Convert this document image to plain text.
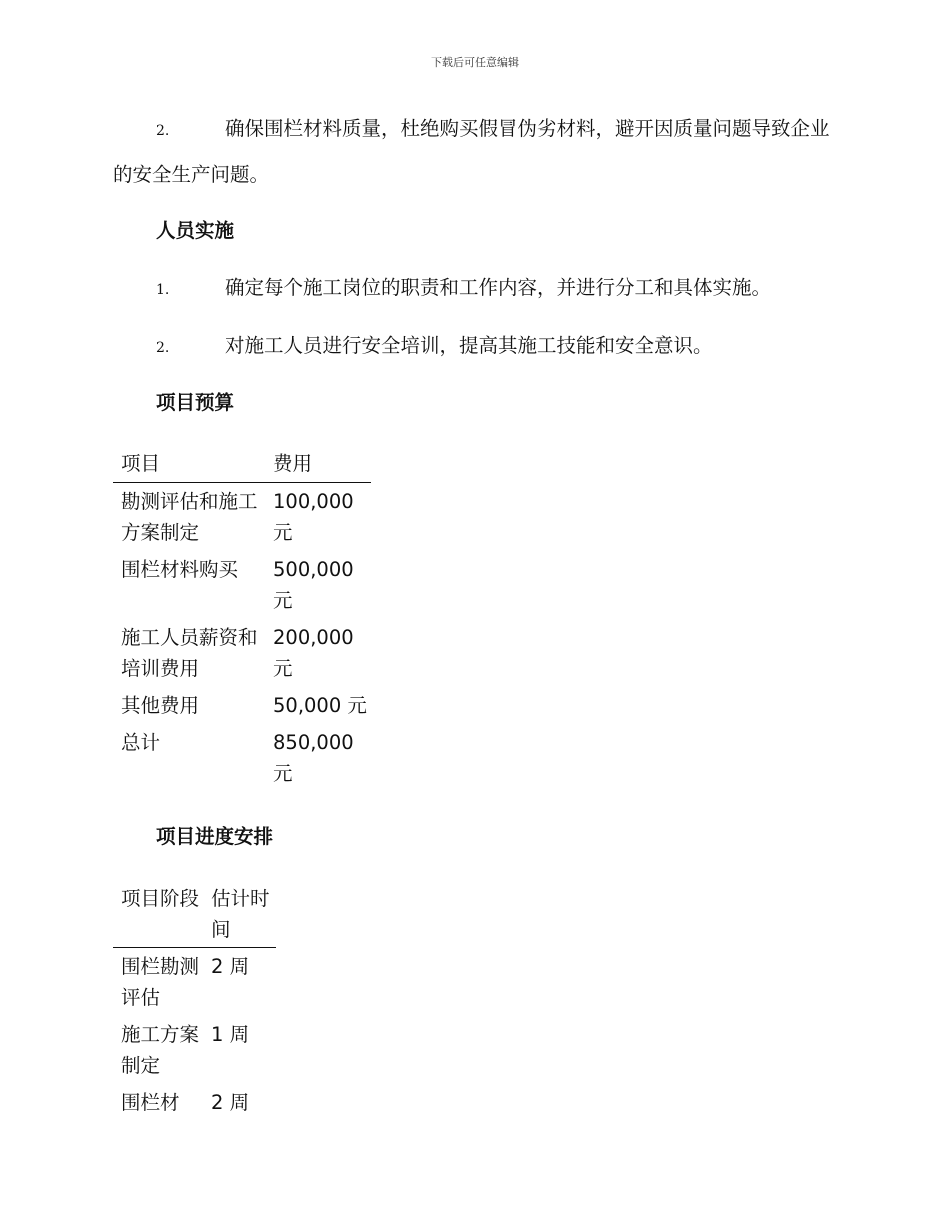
下载后可任意编辑
2.	确保围栏材料质量，杜绝购买假冒伪劣材料，避开因质量问题导致企业的安全生产问题。
人员实施
1.	确定每个施工岗位的职责和工作内容，并进行分工和具体实施。
2.	对施工人员进行安全培训，提高其施工技能和安全意识。
项目预算
项目	费用
勘测评估和施工方案制定	100,000 元
围栏材料购买	500,000 元
施工人员薪资和培训费用	200,000 元
其他费用	50,000 元
总计	850,000 元
项目进度安排
项目阶段	估计时间
围栏勘测评估	2 周
施工方案制定	1 周
围栏材	2 周
